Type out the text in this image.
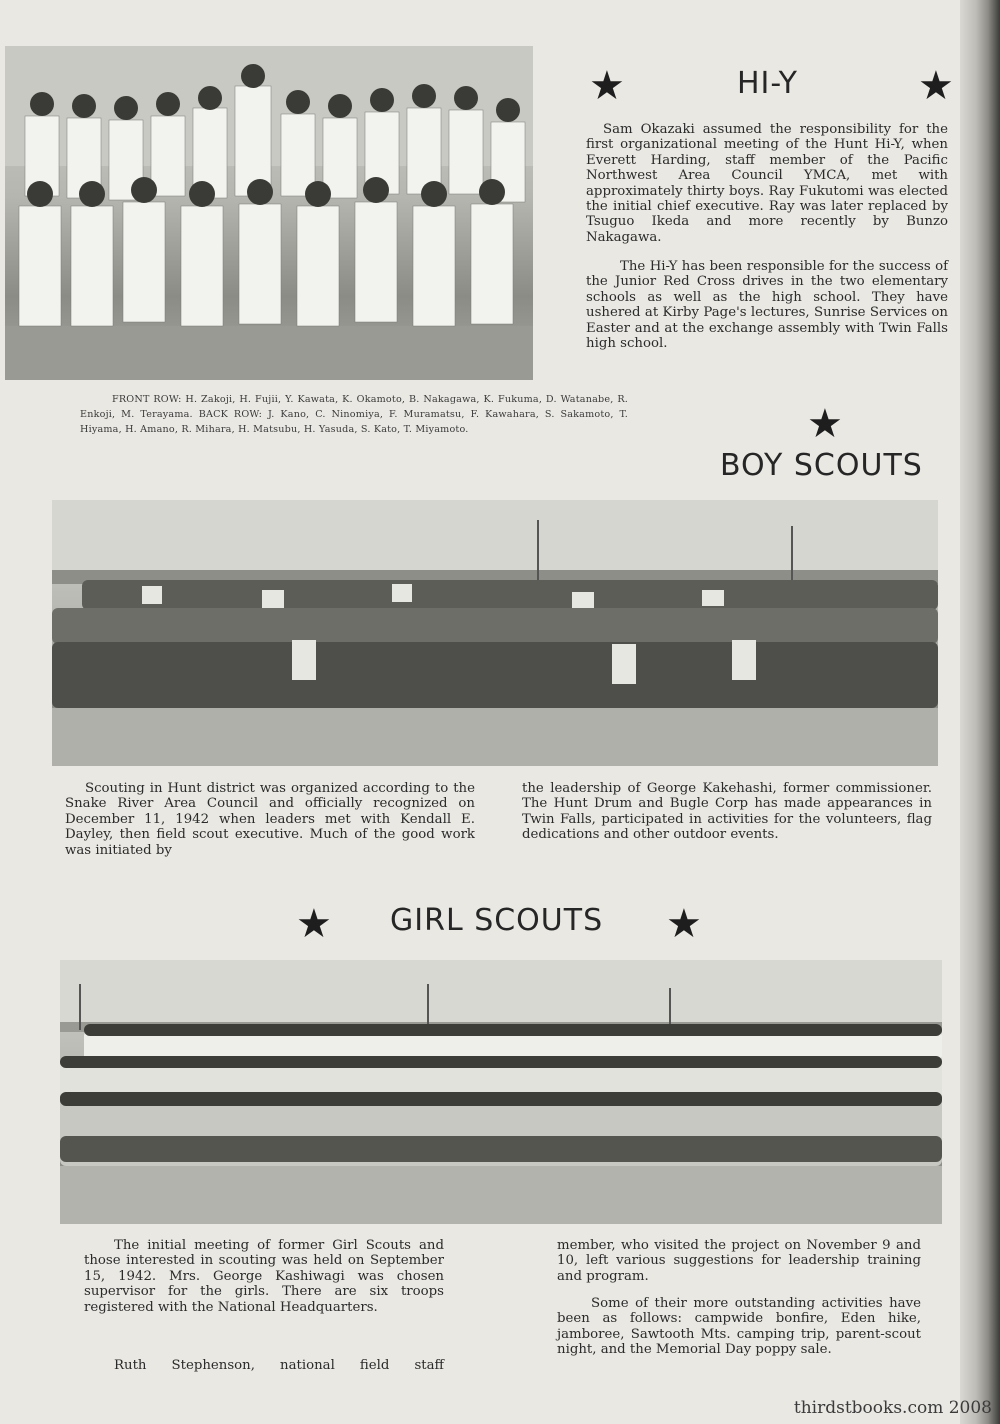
★	HI-Y	★

Sam Okazaki assumed the responsibility for the first organizational meeting of the Hunt Hi-Y, when Everett Harding, staff member of the Pacific Northwest Area Council YMCA, met with approximately thirty boys. Ray Fukutomi was elected the initial chief executive. Ray was later replaced by Tsuguo Ikeda and more recently by Bunzo Nakagawa.

The Hi-Y has been responsible for the success of the Junior Red Cross drives in the two elementary schools as well as the high school. They have ushered at Kirby Page's lectures, Sunrise Services on Easter and at the exchange assembly with Twin Falls high school.

FRONT ROW: H. Zakoji, H. Fujii, Y. Kawata, K. Okamoto, B. Nakagawa, K. Fukuma, D. Watanabe, R. Enkoji, M. Terayama. BACK ROW: J. Kano, C. Ninomiya, F. Muramatsu, F. Kawahara, S. Sakamoto, T. Hiyama, H. Amano, R. Mihara, H. Matsubu, H. Yasuda, S. Kato, T. Miyamoto.	★
BOY SCOUTS

Scouting in Hunt district was organized according to the Snake River Area Council and officially recognized on December 11, 1942 when leaders met with Kendall E. Dayley, then field scout executive. Much of the good work was initiated by

the leadership of George Kakehashi, former commissioner. The Hunt Drum and Bugle Corp has made appearances in Twin Falls, participated in activities for the volunteers, flag dedications and other outdoor events.

★ GIRL SCOUTS ★

The initial meeting of former Girl Scouts and those interested in scouting was held on September 15, 1942. Mrs. George Kashiwagi was chosen supervisor for the girls. There are six troops registered with the National Headquarters.

Ruth Stephenson, national field staff

member, who visited the project on November 9 and 10, left various suggestions for leadership training and program.

Some of their more outstanding activities have been as follows: campwide bonfire, Eden hike, jamboree, Sawtooth Mts. camping trip, parent-scout night, and the Memorial Day poppy sale.

thirdstbooks.com 2008
